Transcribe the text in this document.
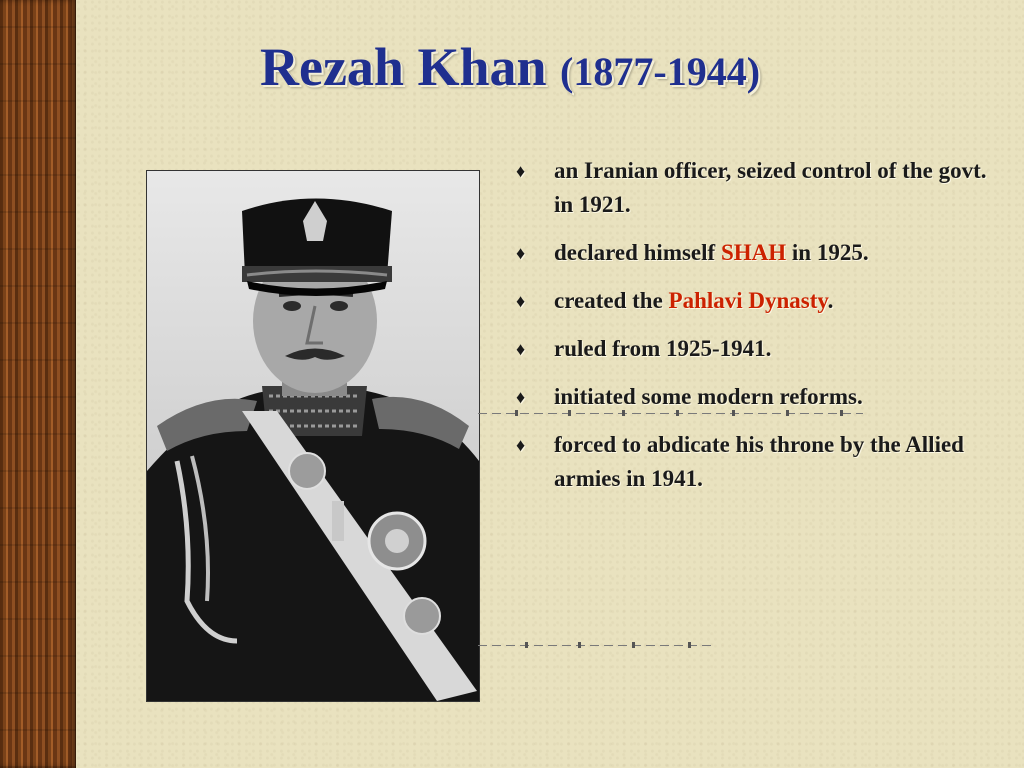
Rezah Khan (1877-1944)
♦	an Iranian officer, seized control of the govt. in 1921.
♦	declared himself SHAH in 1925.
♦	created the Pahlavi Dynasty.
♦	ruled from 1925-1941.
♦	initiated some modern reforms.
♦	forced to abdicate his throne by the Allied armies in 1941.
